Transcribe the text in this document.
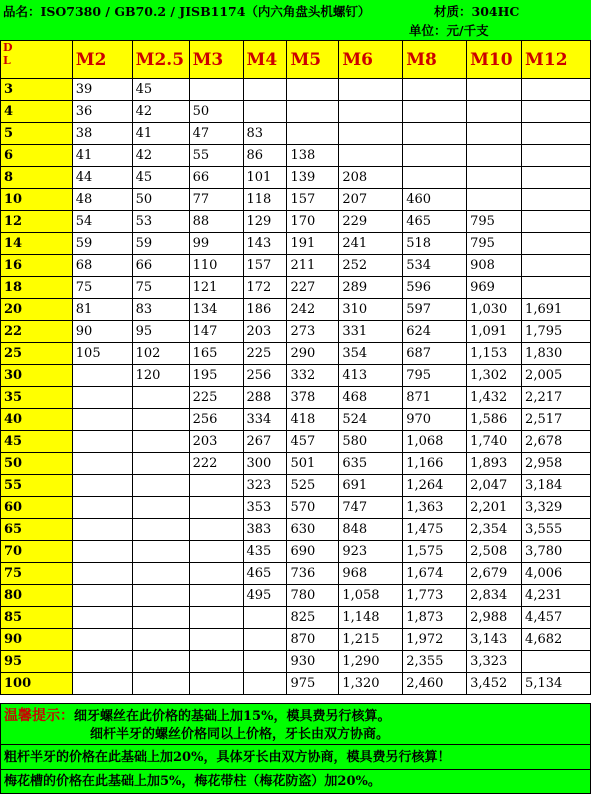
品名：ISO7380 / GB70.2 / JISB1174（内六角盘头机螺钉）	材质：304HC
单位：元/千支
D
L	M2	M2.5	M3	M4	M5	M6	M8	M10	M12
3	39	45							
4	36	42	50						
5	38	41	47	83					
6	41	42	55	86	138				
8	44	45	66	101	139	208			
10	48	50	77	118	157	207	460		
12	54	53	88	129	170	229	465	795	
14	59	59	99	143	191	241	518	795	
16	68	66	110	157	211	252	534	908	
18	75	75	121	172	227	289	596	969	
20	81	83	134	186	242	310	597	1,030	1,691
22	90	95	147	203	273	331	624	1,091	1,795
25	105	102	165	225	290	354	687	1,153	1,830
30		120	195	256	332	413	795	1,302	2,005
35			225	288	378	468	871	1,432	2,217
40			256	334	418	524	970	1,586	2,517
45			203	267	457	580	1,068	1,740	2,678
50			222	300	501	635	1,166	1,893	2,958
55				323	525	691	1,264	2,047	3,184
60				353	570	747	1,363	2,201	3,329
65				383	630	848	1,475	2,354	3,555
70				435	690	923	1,575	2,508	3,780
75				465	736	968	1,674	2,679	4,006
80				495	780	1,058	1,773	2,834	4,231
85					825	1,148	1,873	2,988	4,457
90					870	1,215	1,972	3,143	4,682
95					930	1,290	2,355	3,323	
100					975	1,320	2,460	3,452	5,134
温馨提示：细牙螺丝在此价格的基础上加15%，模具费另行核算。
细杆半牙的螺丝价格同以上价格，牙长由双方协商。
粗杆半牙的价格在此基础上加20%，具体牙长由双方协商，模具费另行核算！
梅花槽的价格在此基础上加5%，梅花带柱（梅花防盗）加20%。
